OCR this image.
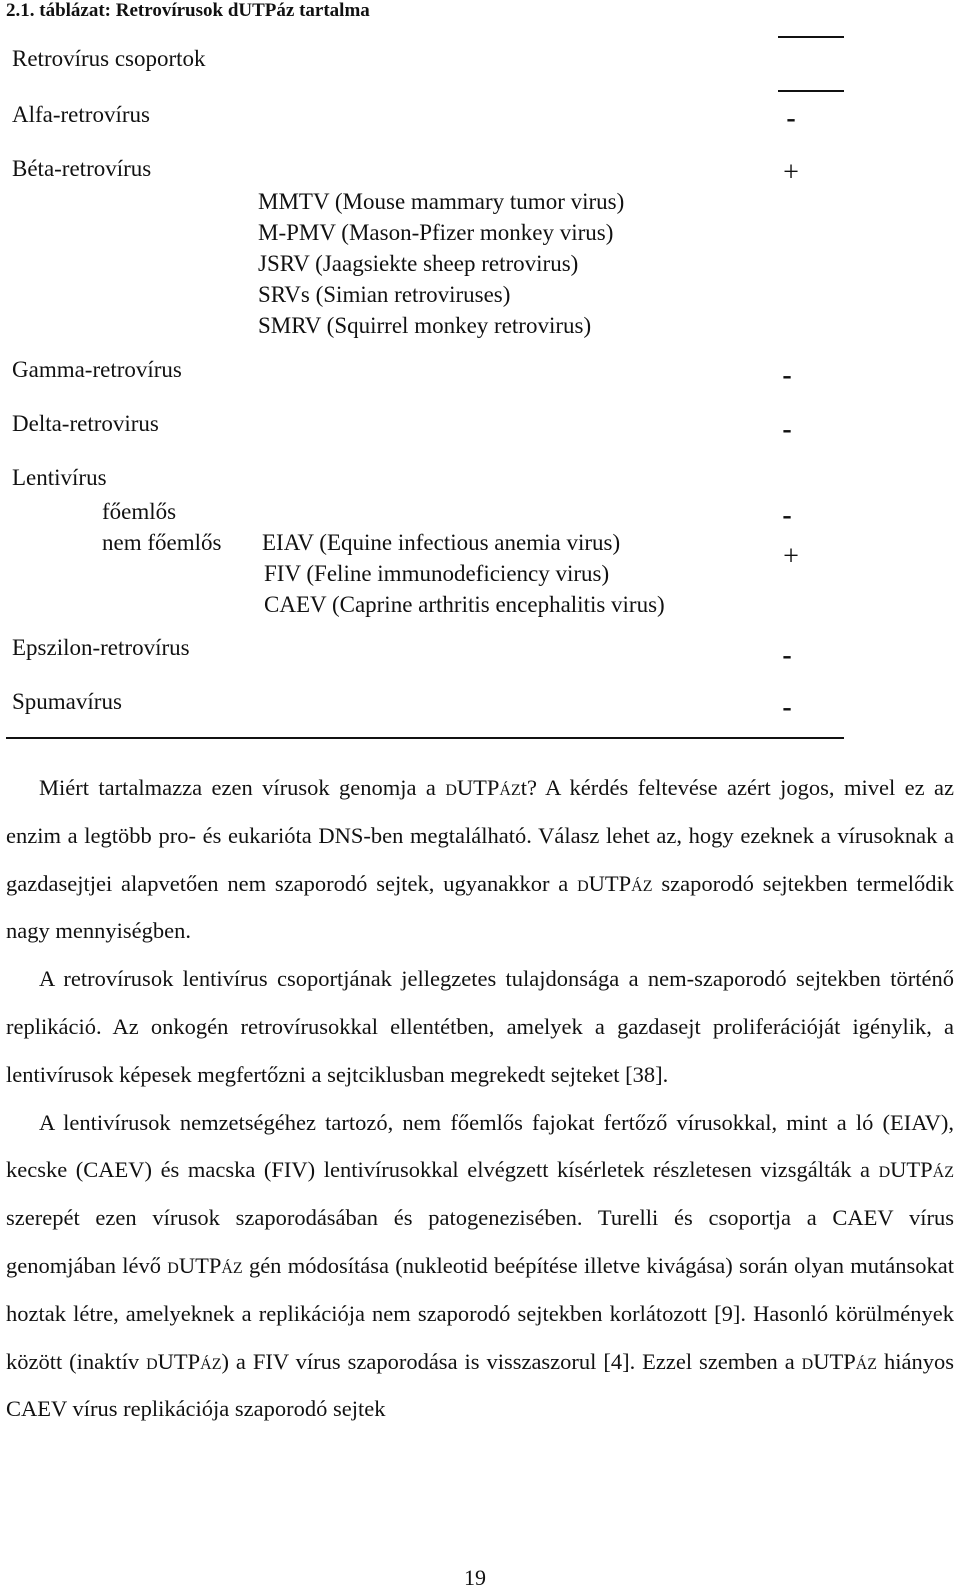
2.1. táblázat: Retrovírusok dUTPáz tartalma
Retrovírus csoportok
Alfa-retrovírus	-
Béta-retrovírus	+
MMTV (Mouse mammary tumor virus)
M-PMV (Mason-Pfizer monkey virus)
JSRV (Jaagsiekte sheep retrovirus)
SRVs (Simian retroviruses)
SMRV (Squirrel monkey retrovirus)
Gamma-retrovírus	-
Delta-retrovirus	-
Lentivírus
főemlős	-
nem főemlős	+
EIAV (Equine infectious anemia virus)
FIV (Feline immunodeficiency virus)
CAEV (Caprine arthritis encephalitis virus)
Epszilon-retrovírus	-
Spumavírus	-

Miért tartalmazza ezen vírusok genomja a dUTPázt? A kérdés feltevése azért jogos, mivel ez az enzim a legtöbb pro- és eukarióta DNS-ben megtalálható. Válasz lehet az, hogy ezeknek a vírusoknak a gazdasejtjei alapvetően nem szaporodó sejtek, ugyanakkor a dUTPáz szaporodó sejtekben termelődik nagy mennyiségben.

A retrovírusok lentivírus csoportjának jellegzetes tulajdonsága a nem-szaporodó sejtekben történő replikáció. Az onkogén retrovírusokkal ellentétben, amelyek a gazdasejt proliferációját igénylik, a lentivírusok képesek megfertőzni a sejtciklusban megrekedt sejteket [38].

A lentivírusok nemzetségéhez tartozó, nem főemlős fajokat fertőző vírusokkal, mint a ló (EIAV), kecske (CAEV) és macska (FIV) lentivírusokkal elvégzett kísérletek részletesen vizsgálták a dUTPáz szerepét ezen vírusok szaporodásában és patogenezisében. Turelli és csoportja a CAEV vírus genomjában lévő dUTPáz gén módosítása (nukleotid beépítése illetve kivágása) során olyan mutánsokat hoztak létre, amelyeknek a replikációja nem szaporodó sejtekben korlátozott [9]. Hasonló körülmények között (inaktív dUTPáz) a FIV vírus szaporodása is visszaszorul [4]. Ezzel szemben a dUTPáz hiányos CAEV vírus replikációja szaporodó sejtek

19
